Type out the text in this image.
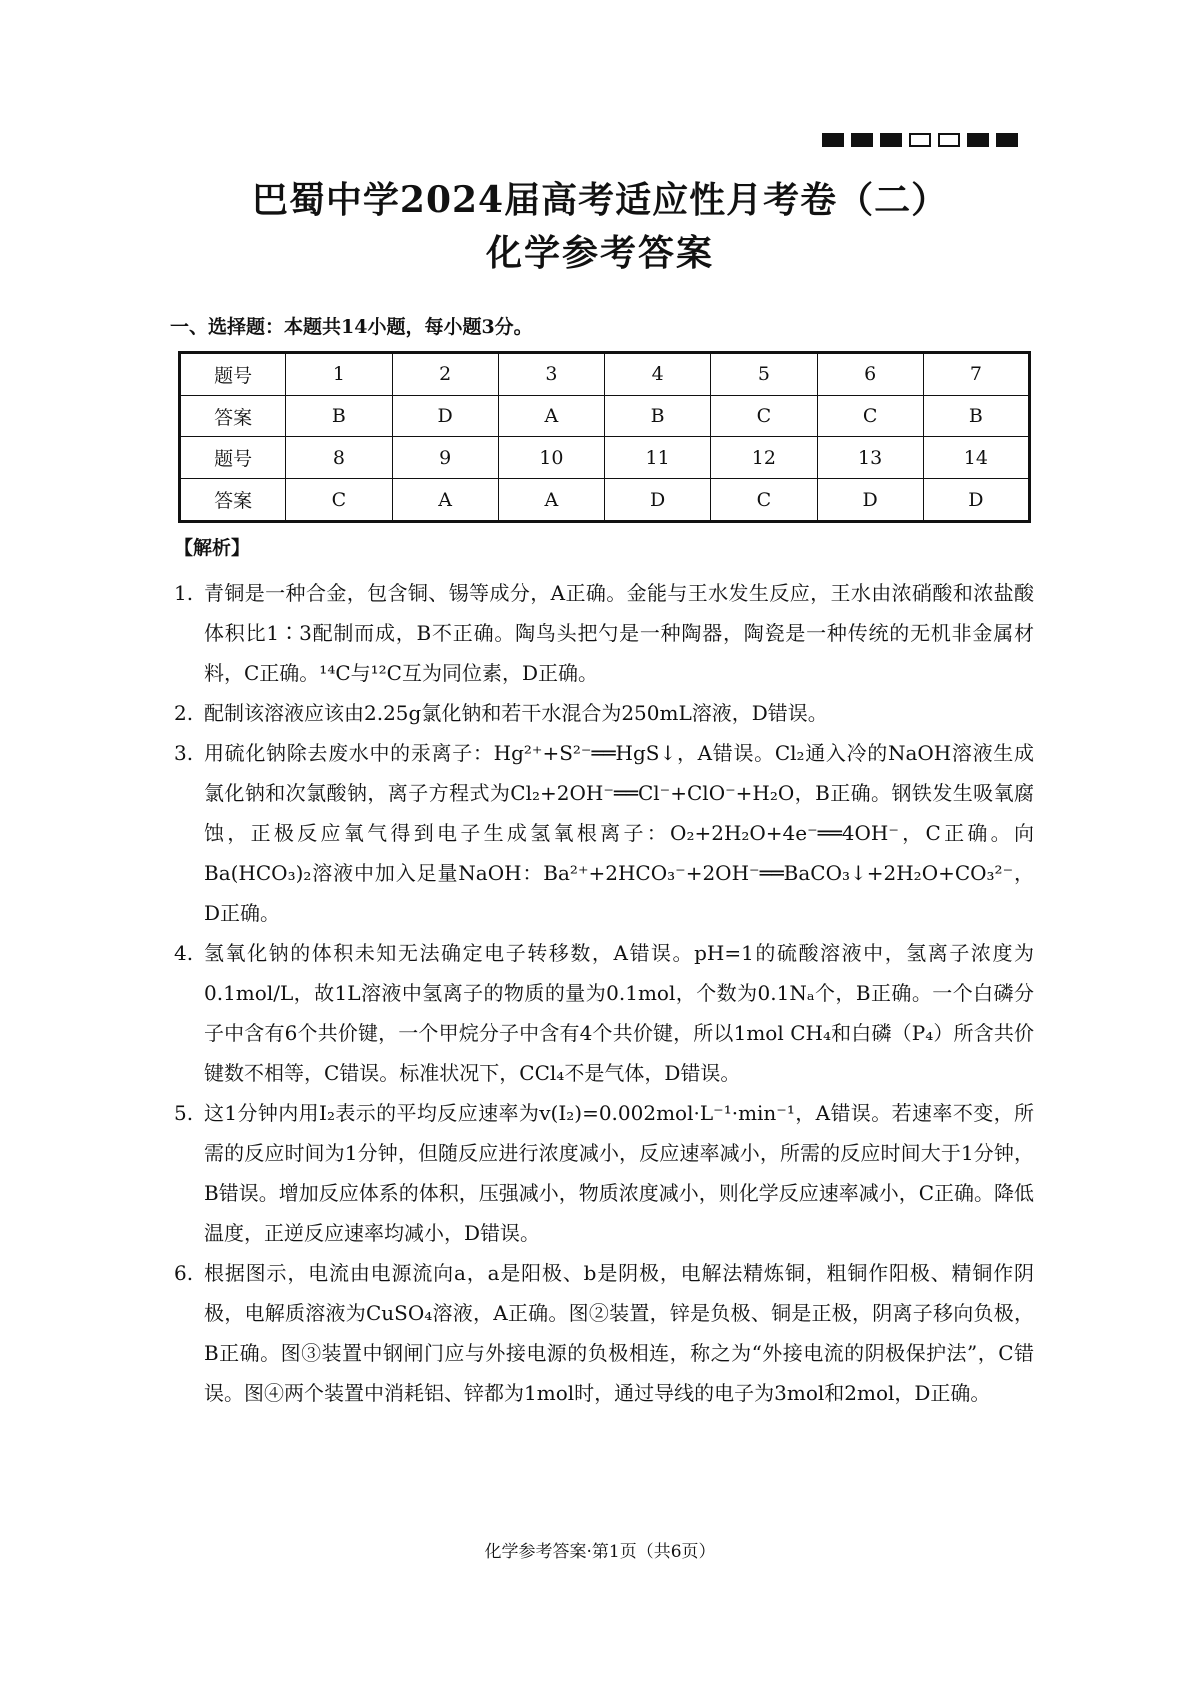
巴蜀中学2024届高考适应性月考卷（二）
化学参考答案
一、选择题：本题共14小题，每小题3分。
题号	1	2	3	4	5	6	7
答案	B	D	A	B	C	C	B
题号	8	9	10	11	12	13	14
答案	C	A	A	D	C	D	D
【解析】
1. 青铜是一种合金，包含铜、锡等成分，A正确。金能与王水发生反应，王水由浓硝酸和浓盐酸体积比1∶3配制而成，B不正确。陶鸟头把勺是一种陶器，陶瓷是一种传统的无机非金属材料，C正确。¹⁴C与¹²C互为同位素，D正确。
2. 配制该溶液应该由2.25g氯化钠和若干水混合为250mL溶液，D错误。
3. 用硫化钠除去废水中的汞离子：Hg²⁺+S²⁻══HgS↓，A错误。Cl₂通入冷的NaOH溶液生成氯化钠和次氯酸钠，离子方程式为Cl₂+2OH⁻══Cl⁻+ClO⁻+H₂O，B正确。钢铁发生吸氧腐蚀，正极反应氧气得到电子生成氢氧根离子：O₂+2H₂O+4e⁻══4OH⁻，C正确。向Ba(HCO₃)₂溶液中加入足量NaOH：Ba²⁺+2HCO₃⁻+2OH⁻══BaCO₃↓+2H₂O+CO₃²⁻，D正确。
4. 氢氧化钠的体积未知无法确定电子转移数，A错误。pH=1的硫酸溶液中，氢离子浓度为0.1mol/L，故1L溶液中氢离子的物质的量为0.1mol，个数为0.1Nₐ个，B正确。一个白磷分子中含有6个共价键，一个甲烷分子中含有4个共价键，所以1mol CH₄和白磷（P₄）所含共价键数不相等，C错误。标准状况下，CCl₄不是气体，D错误。
5. 这1分钟内用I₂表示的平均反应速率为v(I₂)=0.002mol·L⁻¹·min⁻¹，A错误。若速率不变，所需的反应时间为1分钟，但随反应进行浓度减小，反应速率减小，所需的反应时间大于1分钟，B错误。增加反应体系的体积，压强减小，物质浓度减小，则化学反应速率减小，C正确。降低温度，正逆反应速率均减小，D错误。
6. 根据图示，电流由电源流向a，a是阳极、b是阴极，电解法精炼铜，粗铜作阳极、精铜作阴极，电解质溶液为CuSO₄溶液，A正确。图②装置，锌是负极、铜是正极，阴离子移向负极，B正确。图③装置中钢闸门应与外接电源的负极相连，称之为“外接电流的阴极保护法”，C错误。图④两个装置中消耗铝、锌都为1mol时，通过导线的电子为3mol和2mol，D正确。
化学参考答案·第1页（共6页）
